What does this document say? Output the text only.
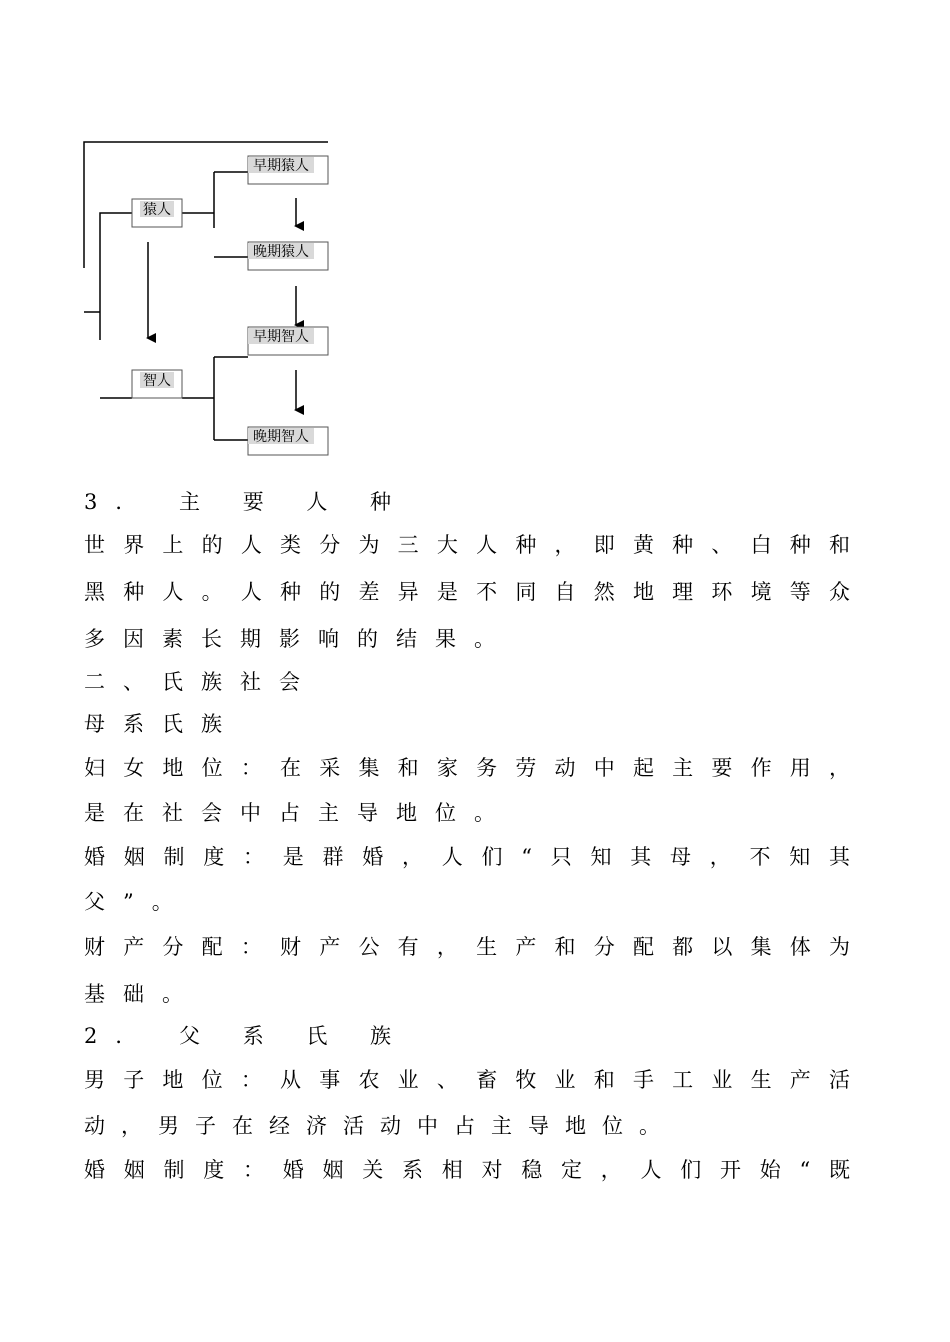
猿人
早期猿人
晚期猿人
智人
早期智人
晚期智人
3． 主 要 人 种
世界上的人类分为三大人种，即黄种、白种和
黑种人。人种的差异是不同自然地理环境等众
多因素长期影响的结果。
二、氏族社会
母系氏族
妇女地位：在采集和家务劳动中起主要作用，
是在社会中占主导地位。
婚姻制度：是群婚，人们“只知其母，不知其
父”。
财产分配：财产公有，生产和分配都以集体为
基础。
2． 父 系 氏 族
男子地位：从事农业、畜牧业和手工业生产活
动，男子在经济活动中占主导地位。
婚姻制度：婚姻关系相对稳定，人们开始“既
